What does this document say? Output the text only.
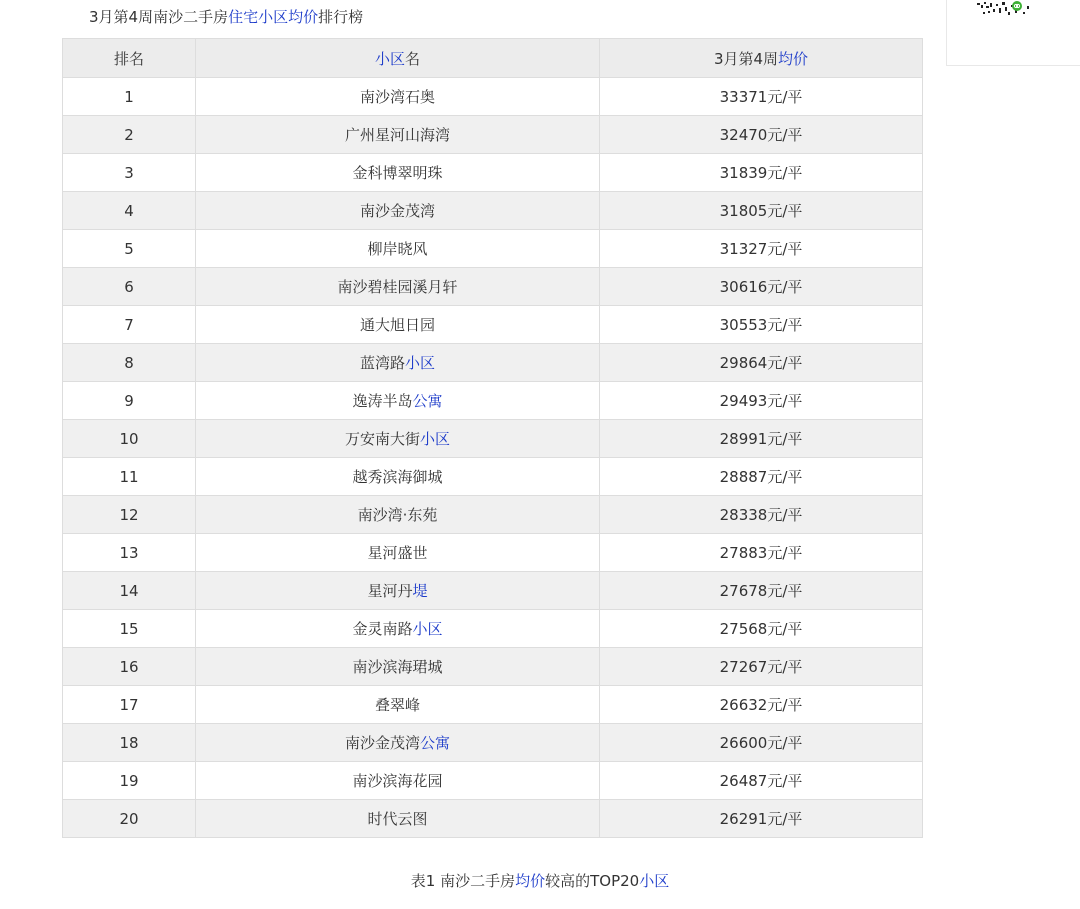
3月第4周南沙二手房住宅小区均价排行榜
排名	小区名	3月第4周均价
1	南沙湾石奥	33371元/平
2	广州星河山海湾	32470元/平
3	金科博翠明珠	31839元/平
4	南沙金茂湾	31805元/平
5	柳岸晓风	31327元/平
6	南沙碧桂园溪月轩	30616元/平
7	通大旭日园	30553元/平
8	蓝湾路小区	29864元/平
9	逸涛半岛公寓	29493元/平
10	万安南大街小区	28991元/平
11	越秀滨海御城	28887元/平
12	南沙湾·东苑	28338元/平
13	星河盛世	27883元/平
14	星河丹堤	27678元/平
15	金灵南路小区	27568元/平
16	南沙滨海珺城	27267元/平
17	叠翠峰	26632元/平
18	南沙金茂湾公寓	26600元/平
19	南沙滨海花园	26487元/平
20	时代云图	26291元/平
表1 南沙二手房均价较高的TOP20小区
